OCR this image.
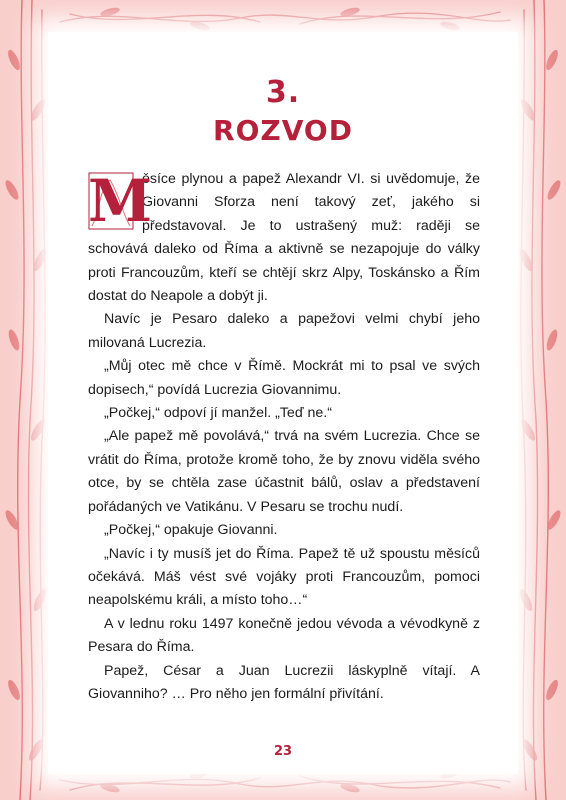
3.
ROZVOD

M
ěsíce plynou a papež Alexandr VI. si uvědomuje, že Giovanni Sforza není takový zeť, jakého si představoval. Je to ustrašený muž: raději se schovává daleko od Říma a aktivně se nezapojuje do války proti Francouzům, kteří se chtějí skrz Alpy, Toskánsko a Řím dostat do Neapole a dobýt ji.

Navíc je Pesaro daleko a papežovi velmi chybí jeho milovaná Lucrezia.

„Můj otec mě chce v Římě. Mockrát mi to psal ve svých dopisech,“ povídá Lucrezia Giovannimu.

„Počkej,“ odpoví jí manžel. „Teď ne.“

„Ale papež mě povolává,“ trvá na svém Lucrezia. Chce se vrátit do Říma, protože kromě toho, že by znovu viděla svého otce, by se chtěla zase účastnit bálů, oslav a představení pořádaných ve Vatikánu. V Pesaru se trochu nudí.

„Počkej,“ opakuje Giovanni.

„Navíc i ty musíš jet do Říma. Papež tě už spoustu měsíců očekává. Máš vést své vojáky proti Francouzům, pomoci neapolskému králi, a místo toho…“

A v lednu roku 1497 konečně jedou vévoda a vévodkyně z Pesara do Říma.

Papež, César a Juan Lucrezii láskyplně vítají. A Giovanniho? … Pro něho jen formální přivítání.

23
